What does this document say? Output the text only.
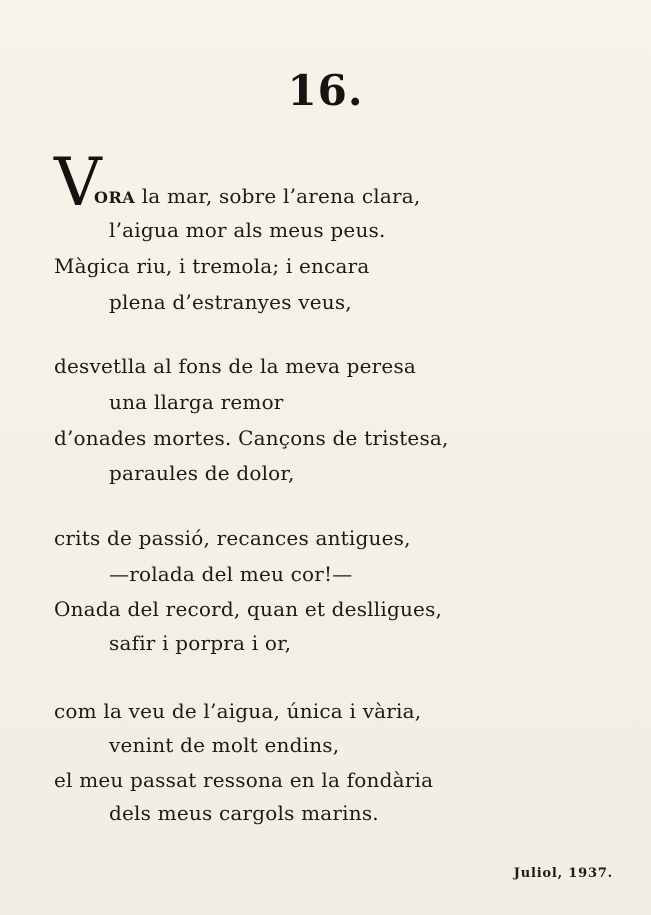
16.
V
ORA la mar, sobre l’arena clara,
l’aigua mor als meus peus.
Màgica riu, i tremola; i encara
plena d’estranyes veus,
desvetlla al fons de la meva peresa
una llarga remor
d’onades mortes. Cançons de tristesa,
paraules de dolor,
crits de passió, recances antigues,
—rolada del meu cor!—
Onada del record, quan et deslligues,
safir i porpra i or,
com la veu de l’aigua, única i vària,
venint de molt endins,
el meu passat ressona en la fondària
dels meus cargols marins.
Juliol, 1937.
